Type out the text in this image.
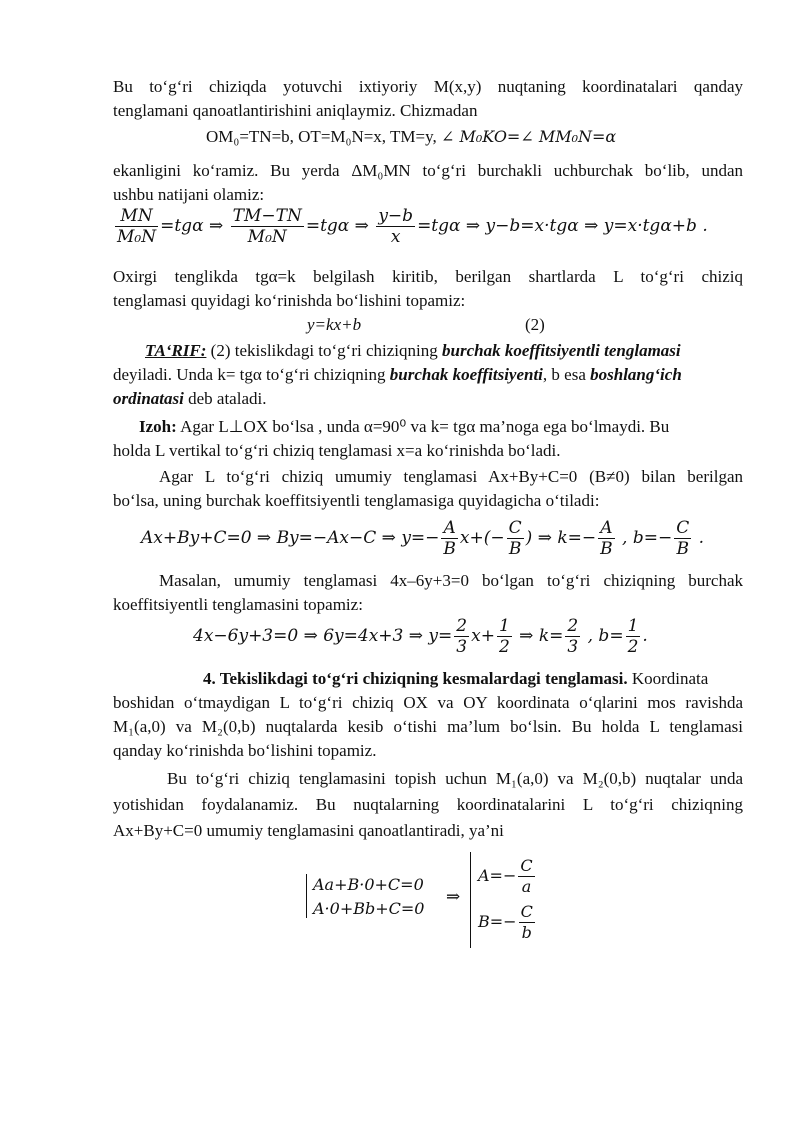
Bu to‘g‘ri chiziqda yotuvchi ixtiyoriy M(x,y) nuqtaning koordinatalari qanday
tenglamani qanoatlantirishini aniqlaymiz. Chizmadan
OM₀=TN=b, OT=M₀N=x, TM=y, ∠ M₀KO=∠ MM₀N=α
ekanligini ko‘ramiz. Bu yerda ΔM₀MN to‘g‘ri burchakli uchburchak bo‘lib, undan
ushbu natijani olamiz:
$\frac{MN}{\text{M₀N}} =tg\alpha$ ⇒ $\frac{TM-TN}{\text{M₀N}} =tg\alpha$ ⇒ $\frac{y-b}{x} =tg\alpha$ ⇒ y−b=x·tgα ⇒ y=x·tgα+b .
Oxirgi tenglikda tgα=k belgilash kiritib, berilgan shartlarda L to‘g‘ri chiziq
tenglamasi quyidagi ko‘rinishda bo‘lishini topamiz:
y=kx+b	(2)
TA‘RIF: (2) tekislikdagi to‘g‘ri chiziqning burchak koeffitsiyentli tenglamasi
deyiladi. Unda k= tgα to‘g‘ri chiziqning burchak koeffitsiyenti, b esa boshlang‘ich
ordinatasi deb ataladi.
Izoh: Agar L⊥OX bo‘lsa , unda α=90⁰ va k= tgα ma’noga ega bo‘lmaydi. Bu
holda L vertikal to‘g‘ri chiziq tenglamasi x=a ko‘rinishda bo‘ladi.
Agar L to‘g‘ri chiziq umumiy tenglamasi Ax+By+C=0 (B≠0) bilan berilgan
bo‘lsa, uning burchak koeffitsiyentli tenglamasiga quyidagicha o‘tiladi:
Ax+By+C=0 ⇒ By=−Ax−C ⇒ $y=- \frac{A}{B} x+(- \frac{C}{B}$ ) ⇒ $k=- \frac{A}{B}$ , $b=- \frac{C}{B}$ .
Masalan, umumiy tenglamasi 4x–6y+3=0 bo‘lgan to‘g‘ri chiziqning burchak
koeffitsiyentli tenglamasini topamiz:
4x−6y+3=0 ⇒ 6y=4x+3 ⇒ $y= \frac{2}{3} x+ \frac{1}{2}$ ⇒ $k= \frac{2}{3}$ , $b= \frac{1}{2}$ .
4. Tekislikdagi to‘g‘ri chiziqning kesmalardagi tenglamasi. Koordinata
boshidan o‘tmaydigan L to‘g‘ri chiziq OX va OY koordinata o‘qlarini mos ravishda
M₁(a,0) va M₂(0,b) nuqtalarda kesib o‘tishi ma’lum bo‘lsin. Bu holda L tenglamasi
qanday ko‘rinishda bo‘lishini topamiz.
Bu to‘g‘ri chiziq tenglamasini topish uchun M₁(a,0) va M₂(0,b) nuqtalar unda
yotishidan foydalanamiz. Bu nuqtalarning koordinatalarini L to‘g‘ri chiziqning
Ax+By+C=0 umumiy tenglamasini qanoatlantiradi, ya’ni
Aa+B·0+C=0
A·0+Bb+C=0
⇒
$A=- \frac{C}{a}$
$B=- \frac{C}{b}$
